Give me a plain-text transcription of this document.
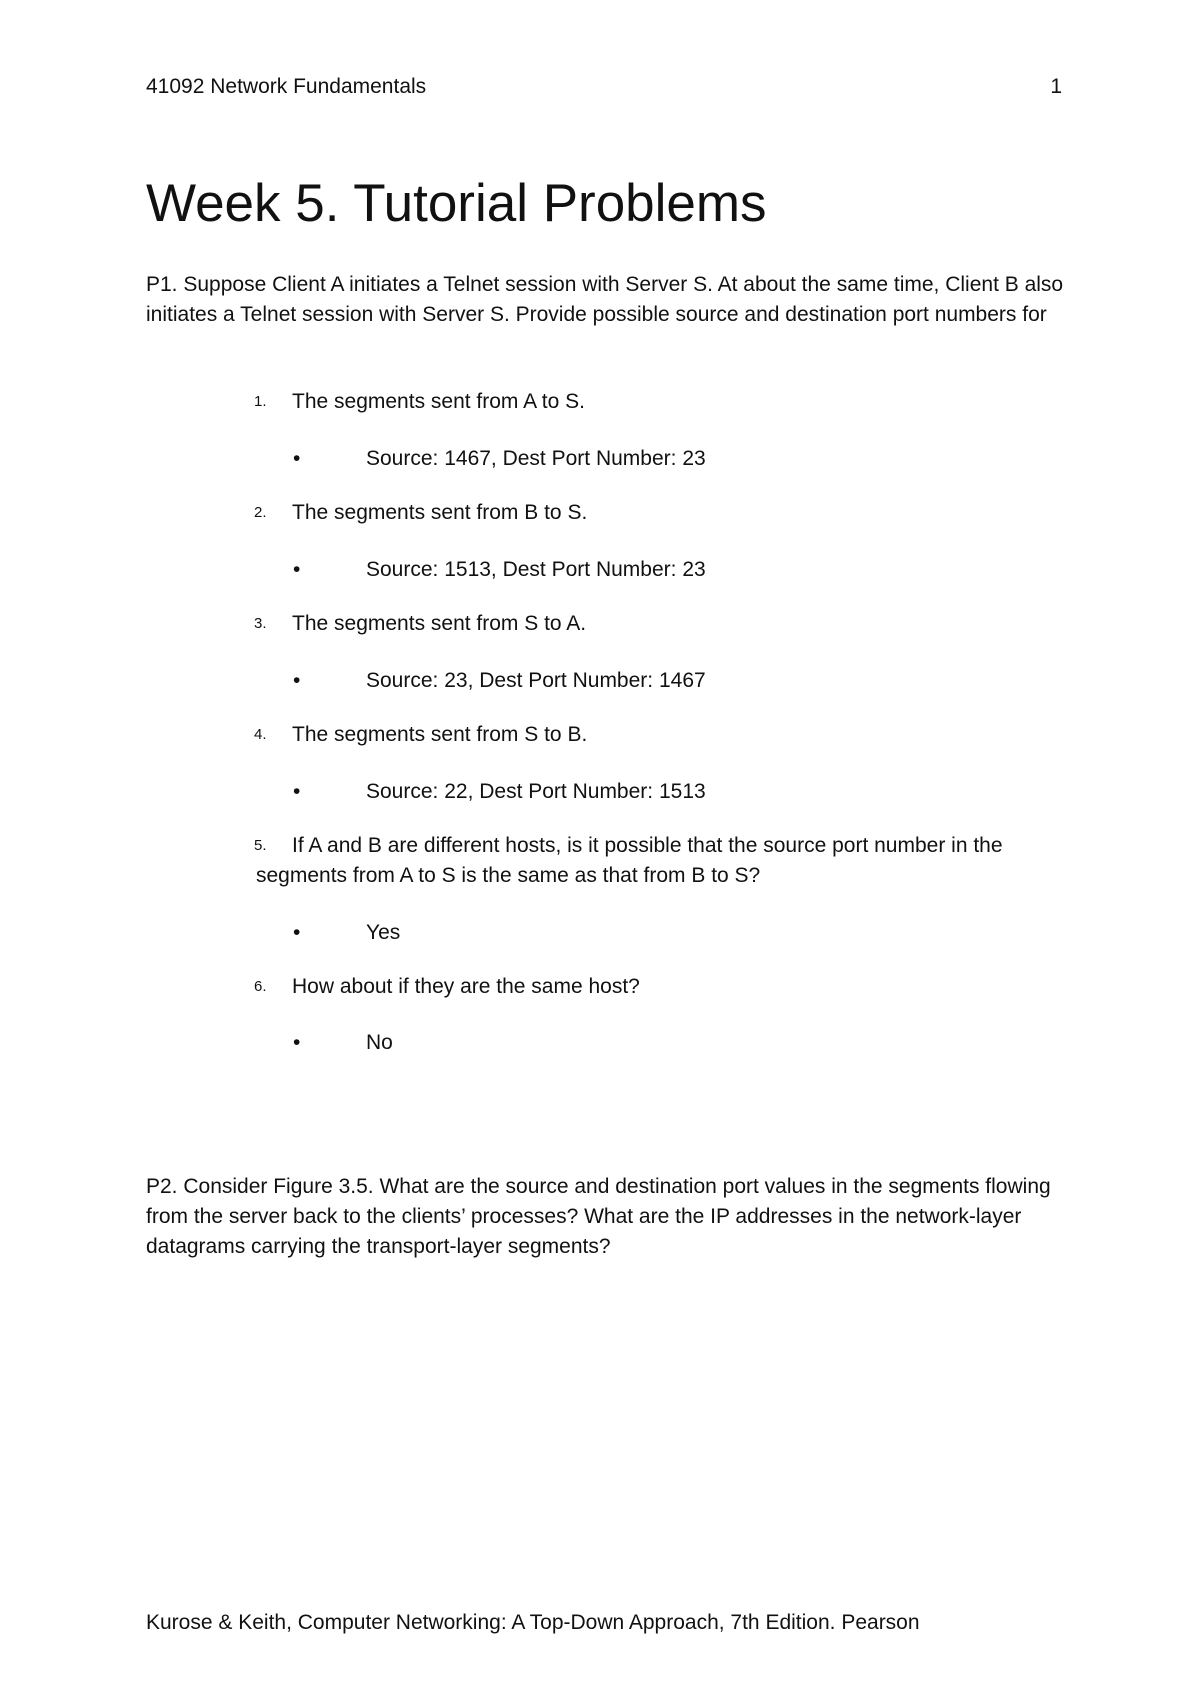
41092 Network Fundamentals	1
Week 5. Tutorial Problems

P1. Suppose Client A initiates a Telnet session with Server S. At about the same time, Client B also initiates a Telnet session with Server S. Provide possible source and destination port numbers for

1. The segments sent from A to S.
•	Source: 1467, Dest Port Number: 23
2. The segments sent from B to S.
•	Source: 1513, Dest Port Number: 23
3. The segments sent from S to A.
•	Source: 23, Dest Port Number: 1467
4. The segments sent from S to B.
•	Source: 22, Dest Port Number: 1513
5.	If A and B are different hosts, is it possible that the source port number in the segments from A to S is the same as that from B to S?
•	Yes
6. How about if they are the same host?
•	No

P2. Consider Figure 3.5. What are the source and destination port values in the segments flowing from the server back to the clients’ processes? What are the IP addresses in the network-layer datagrams carrying the transport-layer segments?

Kurose & Keith, Computer Networking: A Top-Down Approach, 7th Edition. Pearson
